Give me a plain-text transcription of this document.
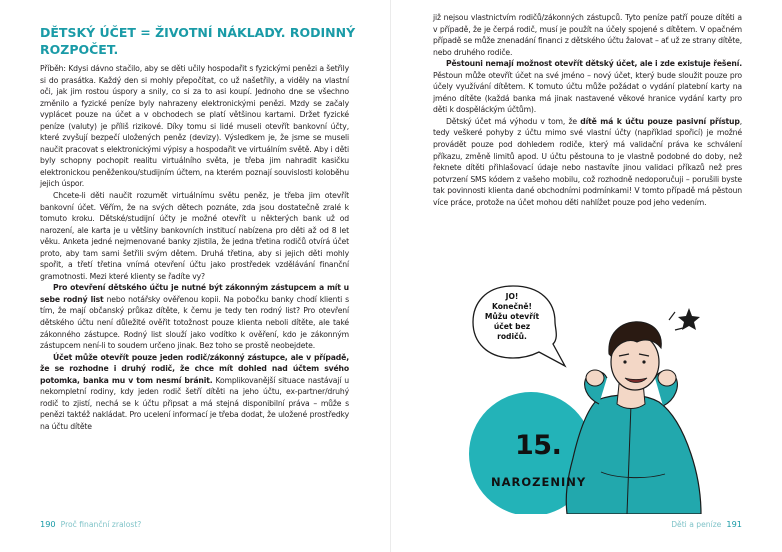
DĚTSKÝ ÚČET = ŽIVOTNÍ NÁKLADY. RODINNÝ ROZPOČET.

Příběh: Kdysi dávno stačilo, aby se děti učily hospodařit s fyzickými penězi a šetřily si do prasátka. Každý den si mohly přepočítat, co už našetřily, a viděly na vlastní oči, jak jim rostou úspory a snily, co si za to asi koupí. Jednoho dne se všechno změnilo a fyzické peníze byly nahrazeny elektronickými penězi. Mzdy se začaly vyplácet pouze na účet a v obchodech se platí většinou kartami. Držet fyzické peníze (valuty) je příliš rizikové. Díky tomu si lidé museli otevřít bankovní účty, které zvyšují bezpečí uložených peněz (devizy). Výsledkem je, že jsme se museli naučit pracovat s elektronickými výpisy a hospodařit ve virtuálním světě. Aby i děti byly schopny pochopit realitu virtuálního světa, je třeba jim nahradit kasičku elektronickou peněženkou/studijním účtem, na kterém poznají souvislosti koloběhu jejich úspor.

Chcete-li děti naučit rozumět virtuálnímu světu peněz, je třeba jim otevřít bankovní účet. Věřím, že na svých dětech poznáte, zda jsou dostatečně zralé k tomuto kroku. Dětské/studijní účty je možné otevřít u některých bank už od narození, ale karta je u většiny bankovních institucí nabízena pro děti až od 8 let věku. Anketa jedné nejmenované banky zjistila, že jedna třetina rodičů otvírá účet proto, aby tam sami šetřili svým dětem. Druhá třetina, aby si jejich děti mohly spořit, a třetí třetina vnímá otevření účtu jako prostředek vzdělávání finanční gramotnosti. Mezi které klienty se řadíte vy?

Pro otevření dětského účtu je nutné být zákonným zástupcem a mít u sebe rodný list nebo notářsky ověřenou kopii. Na pobočku banky chodí klienti s tím, že mají občanský průkaz dítěte, k čemu je tedy ten rodný list? Pro otevření dětského účtu není důležité ověřit totožnost pouze klienta neboli dítěte, ale také zákonného zástupce. Rodný list slouží jako vodítko k ověření, kdo je zákonným zástupcem není-li to soudem určeno jinak. Bez toho se prostě neobejdete.

Účet může otevřít pouze jeden rodič/zákonný zástupce, ale v případě, že se rozhodne i druhý rodič, že chce mít dohled nad účtem svého potomka, banka mu v tom nesmí bránit. Komplikovanější situace nastávají u nekompletní rodiny, kdy jeden rodič šetří dítěti na jeho účtu, ex-partner/druhý rodič to zjistí, nechá se k účtu připsat a má stejná disponibilní práva – může s penězi taktéž nakládat. Pro ucelení informací je třeba dodat, že uložené prostředky na účtu dítěte

190 Proč finanční zralost?

již nejsou vlastnictvím rodičů/zákonných zástupců. Tyto peníze patří pouze dítěti a v případě, že je čerpá rodič, musí je použít na účely spojené s dítětem. V opačném případě se může znenadání financi z dětského účtu žalovat – ať už ze strany dítěte, nebo druhého rodiče.

Pěstouni nemají možnost otevřít dětský účet, ale i zde existuje řešení. Pěstoun může otevřít účet na své jméno – nový účet, který bude sloužit pouze pro účely využívání dítětem. K tomuto účtu může požádat o vydání platební karty na jméno dítěte (každá banka má jinak nastavené věkové hranice vydání karty pro děti k dospěláckým účtům).

Dětský účet má výhodu v tom, že dítě má k účtu pouze pasivní přístup, tedy veškeré pohyby z účtu mimo své vlastní účty (například spořicí) je možné provádět pouze pod dohledem rodiče, který má validační práva ke schválení příkazu, změně limitů apod. U účtu pěstouna to je vlastně podobné do doby, než řeknete dítěti přihlašovací údaje nebo nastavíte jinou validaci příkazů než pres potvrzení SMS kódem z vašeho mobilu, což rozhodně nedoporučuji – porušili byste tak povinnosti klienta dané obchodními podmínkami! V tomto případě má pěstoun více práce, protože na účet mohou děti nahlížet pouze pod jeho vedením.

JO!
Konečně!
Můžu otevřít
účet bez
rodičů.
15.
NAROZENINY
Děti a peníze 191
